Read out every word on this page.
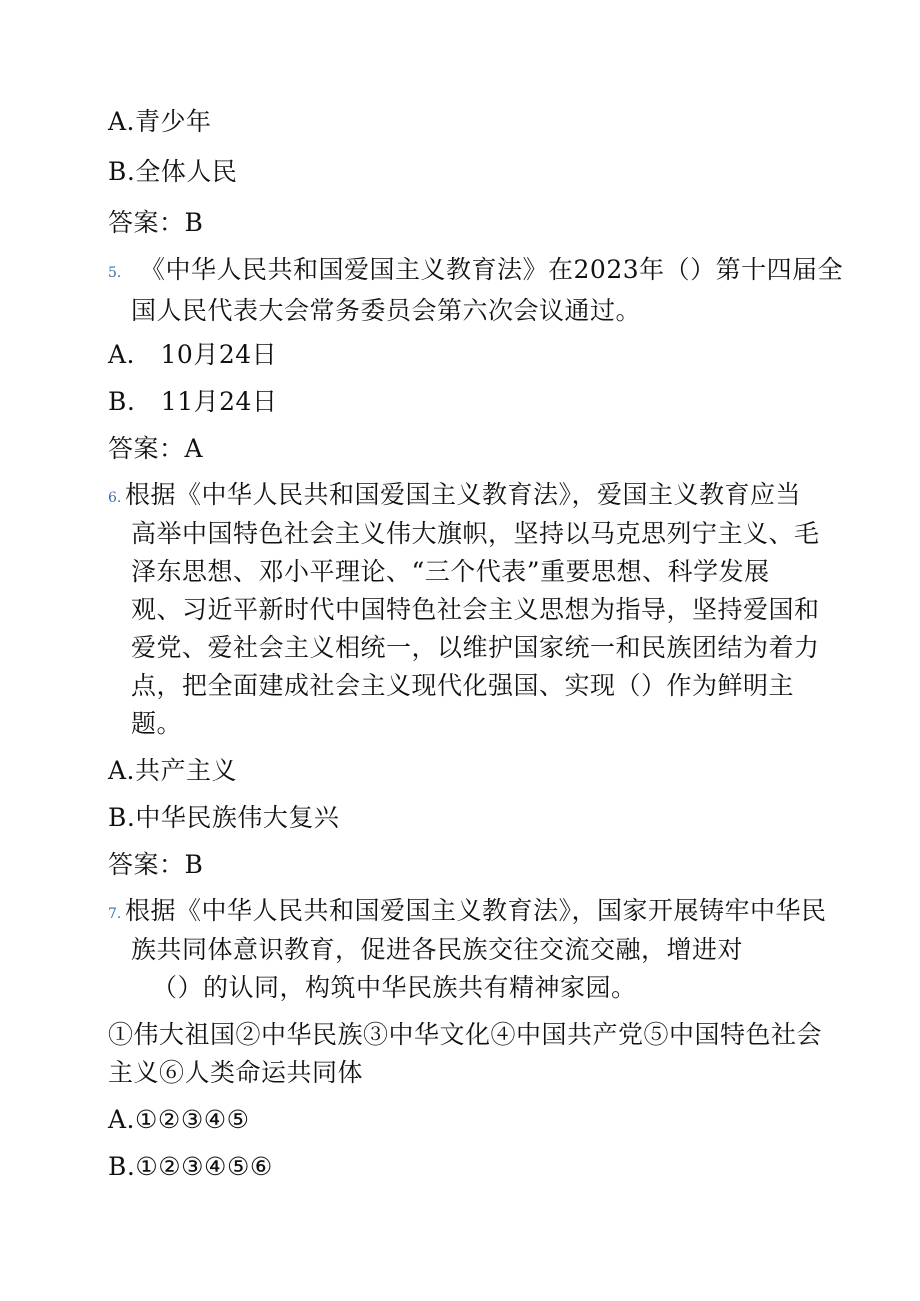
A.青少年
B.全体人民
答案：B
5． 《中华人民共和国爱国主义教育法》在2023年（）第十四届全
国人民代表大会常务委员会第六次会议通过。
A.　10月24日
B.　11月24日
答案：A
6. 根据《中华人民共和国爱国主义教育法》，爱国主义教育应当
高举中国特色社会主义伟大旗帜，坚持以马克思列宁主义、毛
泽东思想、邓小平理论、“三个代表”重要思想、科学发展
观、习近平新时代中国特色社会主义思想为指导，坚持爱国和
爱党、爱社会主义相统一，以维护国家统一和民族团结为着力
点，把全面建成社会主义现代化强国、实现（）作为鲜明主
题。
A.共产主义
B.中华民族伟大复兴
答案：B
7. 根据《中华人民共和国爱国主义教育法》，国家开展铸牢中华民
族共同体意识教育，促进各民族交往交流交融，增进对
（）的认同，构筑中华民族共有精神家园。
①伟大祖国②中华民族③中华文化④中国共产党⑤中国特色社会
主义⑥人类命运共同体
A.①②③④⑤
B.①②③④⑤⑥
